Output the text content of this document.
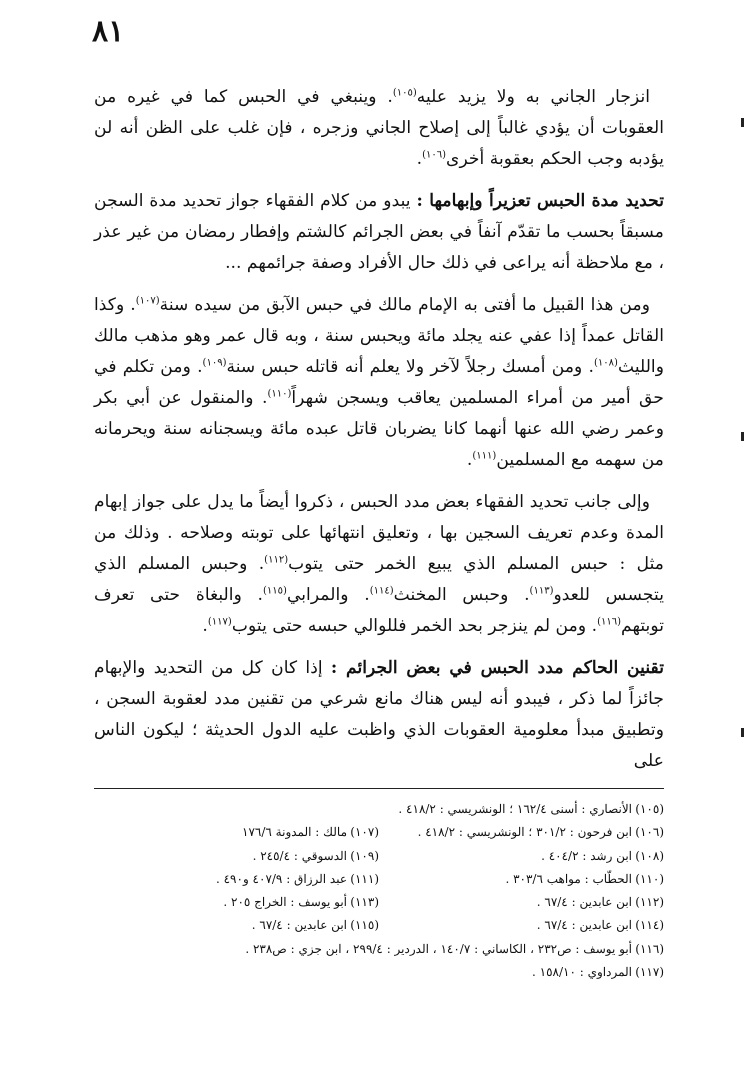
٨١

انزجار الجاني به ولا يزيد عليه$^{(١٠٥)}$. وينبغي في الحبس كما في غيره من العقوبات أن يؤدي غالباً إلى إصلاح الجاني وزجره ، فإن غلب على الظن أنه لن يؤدبه وجب الحكم بعقوبة أخرى$^{(١٠٦)}$.

تحديد مدة الحبس تعزيراً وإبهامها : يبدو من كلام الفقهاء جواز تحديد مدة السجن مسبقاً بحسب ما تقدّم آنفاً في بعض الجرائم كالشتم وإفطار رمضان من غير عذر ، مع ملاحظة أنه يراعى في ذلك حال الأفراد وصفة جرائمهم ...

ومن هذا القبيل ما أفتى به الإمام مالك في حبس الآبق من سيده سنة$^{(١٠٧)}$. وكذا القاتل عمداً إذا عفي عنه يجلد مائة ويحبس سنة ، وبه قال عمر وهو مذهب مالك والليث$^{(١٠٨)}$. ومن أمسك رجلاً لآخر ولا يعلم أنه قاتله حبس سنة$^{(١٠٩)}$. ومن تكلم في حق أمير من أمراء المسلمين يعاقب ويسجن شهراً$^{(١١٠)}$. والمنقول عن أبي بكر وعمر رضي الله عنها أنهما كانا يضربان قاتل عبده مائة ويسجنانه سنة ويحرمانه من سهمه مع المسلمين$^{(١١١)}$.

وإلى جانب تحديد الفقهاء بعض مدد الحبس ، ذكروا أيضاً ما يدل على جواز إبهام المدة وعدم تعريف السجين بها ، وتعليق انتهائها على توبته وصلاحه . وذلك من مثل : حبس المسلم الذي يبيع الخمر حتى يتوب$^{(١١٢)}$. وحبس المسلم الذي يتجسس للعدو$^{(١١٣)}$. وحبس المخنث$^{(١١٤)}$. والمرابي$^{(١١٥)}$. والبغاة حتى تعرف توبتهم$^{(١١٦)}$. ومن لم ينزجر بحد الخمر فللوالي حبسه حتى يتوب$^{(١١٧)}$.

تقنين الحاكم مدد الحبس في بعض الجرائم : إذا كان كل من التحديد والإبهام جائزاً لما ذكر ، فيبدو أنه ليس هناك مانع شرعي من تقنين مدد لعقوبة السجن ، وتطبيق مبدأ معلومية العقوبات الذي واظبت عليه الدول الحديثة ؛ ليكون الناس على

(١٠٥)الأنصاري : أسنى ١٦٢/٤ ؛ الونشريسي : ٤١٨/٢ .
(١٠٦)ابن فرحون : ٣٠١/٢ ؛ الونشريسي : ٤١٨/٢ .
(١٠٧)مالك : المدونة ١٧٦/٦
(١٠٨)ابن رشد : ٤٠٤/٢ .
(١٠٩)الدسوقي : ٢٤٥/٤ .
(١١٠)الحطّاب : مواهب ٣٠٣/٦ .
(١١١)عبد الرزاق : ٤٠٧/٩ و٤٩٠ .
(١١٢)ابن عابدين : ٦٧/٤ .
(١١٣)أبو يوسف : الخراج ٢٠٥ .
(١١٤)ابن عابدين : ٦٧/٤ .
(١١٥)ابن عابدين : ٦٧/٤ .
(١١٦)أبو يوسف : ص٢٣٢ ، الكاساني : ١٤٠/٧ ، الدردير : ٢٩٩/٤ ، ابن جزي : ص٢٣٨ .
(١١٧)المرداوي : ١٥٨/١٠ .
